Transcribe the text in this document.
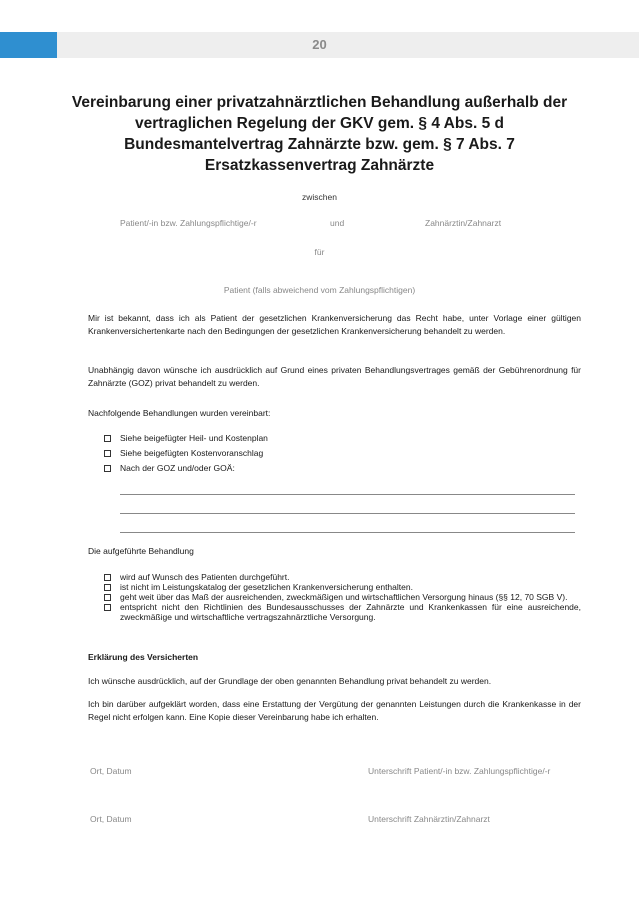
20
Vereinbarung einer privatzahnärztlichen Behandlung außerhalb der
vertraglichen Regelung der GKV gem. § 4 Abs. 5 d
Bundesmantelvertrag Zahnärzte bzw. gem. § 7 Abs. 7
Ersatzkassenvertrag Zahnärzte
zwischen
Patient/-in bzw. Zahlungspflichtige/-r	und	Zahnärztin/Zahnarzt
für
Patient (falls abweichend vom Zahlungspflichtigen)

Mir ist bekannt, dass ich als Patient der gesetzlichen Krankenversicherung das Recht habe, unter Vorlage einer gültigen Krankenversichertenkarte nach den Bedingungen der gesetzlichen Krankenversicherung behandelt zu werden.

Unabhängig davon wünsche ich ausdrücklich auf Grund eines privaten Behandlungsvertrages gemäß der Gebührenordnung für Zahnärzte (GOZ) privat behandelt zu werden.

Nachfolgende Behandlungen wurden vereinbart:

Siehe beigefügter Heil- und Kostenplan
Siehe beigefügten Kostenvoranschlag
Nach der GOZ und/oder GOÄ:

Die aufgeführte Behandlung

wird auf Wunsch des Patienten durchgeführt.
ist nicht im Leistungskatalog der gesetzlichen Krankenversicherung enthalten.
geht weit über das Maß der ausreichenden, zweckmäßigen und wirtschaftlichen Versorgung hinaus (§§ 12, 70 SGB V).
entspricht nicht den Richtlinien des Bundesausschusses der Zahnärzte und Krankenkassen für eine ausreichende, zweckmäßige und wirtschaftliche vertragszahnärztliche Versorgung.

Erklärung des Versicherten

Ich wünsche ausdrücklich, auf der Grundlage der oben genannten Behandlung privat behandelt zu werden.

Ich bin darüber aufgeklärt worden, dass eine Erstattung der Vergütung der genannten Leistungen durch die Krankenkasse in der Regel nicht erfolgen kann. Eine Kopie dieser Vereinbarung habe ich erhalten.

Ort, Datum	Unterschrift Patient/-in bzw. Zahlungspflichtige/-r
Ort, Datum	Unterschrift Zahnärztin/Zahnarzt
